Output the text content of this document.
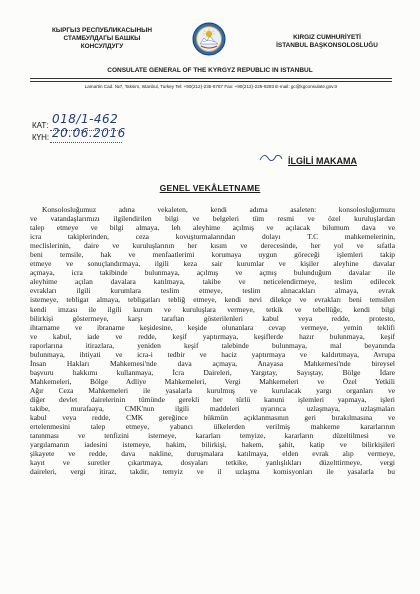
КЫРГЫЗ РЕСПУБЛИКАСЫНЫН
СТАМБУЛДАГЫ БАШКЫ
КОНСУЛДУГУ
KIRGIZ CUMHURİYETİ
İSTANBUL BAŞKONSOLOSLUĞU
CONSULATE GENERAL OF THE KYRGYZ REPUBLIC IN ISTANBUL
Lamartin Cad. №7, Taksim, Istanbul, Turkey Tel: +90(212)-235-6767 Fax: +90(212)-235-9293 E-mail: gc@kgconsulate.gov.tr
КАТ: 018/1-462
КҮН: 20.06.2016
İLGİLİ MAKAMA
GENEL VEKÂLETNAME
Konsolosluğumuz adına vekaleten, kendi adıma asaleten: konsolosluğumuzu
ve vatandaşlarımızı ilgilendirilen bilgi ve belgeleri tüm resmi ve özel kuruluşlardan
talep etmeye ve bilgi almaya, leh aleyhime açılmış ve açılacak bilumum dava ve
icra takiplerinden, ceza kovuşturmalarından dolayı T.C mahkemelerinin,
meclislerinin, daire ve kuruluşlarının her kısım ve derecesinde, her yol ve sıfatla
beni temsile, hak ve menfaatlerimi korumaya uygun göreceği işlemleri takip
etmeye ve sonuçlandırmaya, ilgili keza sair kurumlar ve kişiler aleyhine davalar
açmaya, icra takibinde bulunmaya, açılmış ve açmış bulunduğum davalar ile
aleyhime açılan davalara katılmaya, takibe ve neticelendirmeye, teslim edilecek
evrakları ilgili kurumlara teslim etmeye, teslim alınacakları almaya, evrak
istemeye, tebligat almaya, tebligatları tebliğ etmeye, kendi nevi dilekçe ve evrakları beni temsilen
kendi imzası ile ilgili kurum ve kuruluşlara vermeye, tetkik ve tebellüğe, kendi bilgi
bilirkişi göstermeye, karşı taraftan gösterilenleri kabul veya redde, protesto,
ihtarname ve ibraname keşidesine, keşide olunanlara cevap vermeye, yemin teklifi
ve kabul, iade ve redde, keşif yaptırmaya, keşiflerde hazır bulunmaya, keşif
raporlarına itirazlara, yeniden keşif talebinde bulunmaya, mal beyanında
bulunmaya, ihtiyati ve icra-i tedbir ve haciz yaptırmaya ve kaldırtmaya, Avrupa
İnsan Hakları Mahkemesi'nde dava açmaya, Anayasa Mahkemesi'nde bireysel
başvuru hakkımı kullanmaya, İcra Daireleri, Yargıtay, Sayıştay, Bölge İdare
Mahkemeleri, Bölge Adliye Mahkemeleri, Vergi Mahkemeleri ve Özel Yetkili
Ağır Ceza Mahkemeleri ile yasalarla kurulmuş ve kurulacak yargı organları ve
diğer devlet dairelerinin tümünde gerekli her türlü kanuni işlemleri yapmaya, işleri
takibe, murafaaya, CMK'nun ilgili maddeleri uyarınca uzlaşmaya, uzlaşmaları
kabul veya redde, CMK gereğince hükmün açıklanmasının geri bırakılmasına ve
ertelenmesini talep etmeye, yabancı ülkelerden verilmiş mahkeme kararlarının
tanınması ve tenfizini istemeye, kararları temyize, kararların düzeltilmesi ve
yargılamanın iadesini istemeye, hakim, bilirkişi, hakem, şahit, katip ve bilirkişileri
şikayete ve redde, dava nakline, duruşmalara katılmaya, elden evrak alıp vermeye,
kayıt ve suretler çıkartmaya, dosyaları tetkike, yanlışlıkları düzelttirmeye, vergi
daireleri, vergi itiraz, takdir, temyiz ve il uzlaşma komisyonları ile yasalarla bu
